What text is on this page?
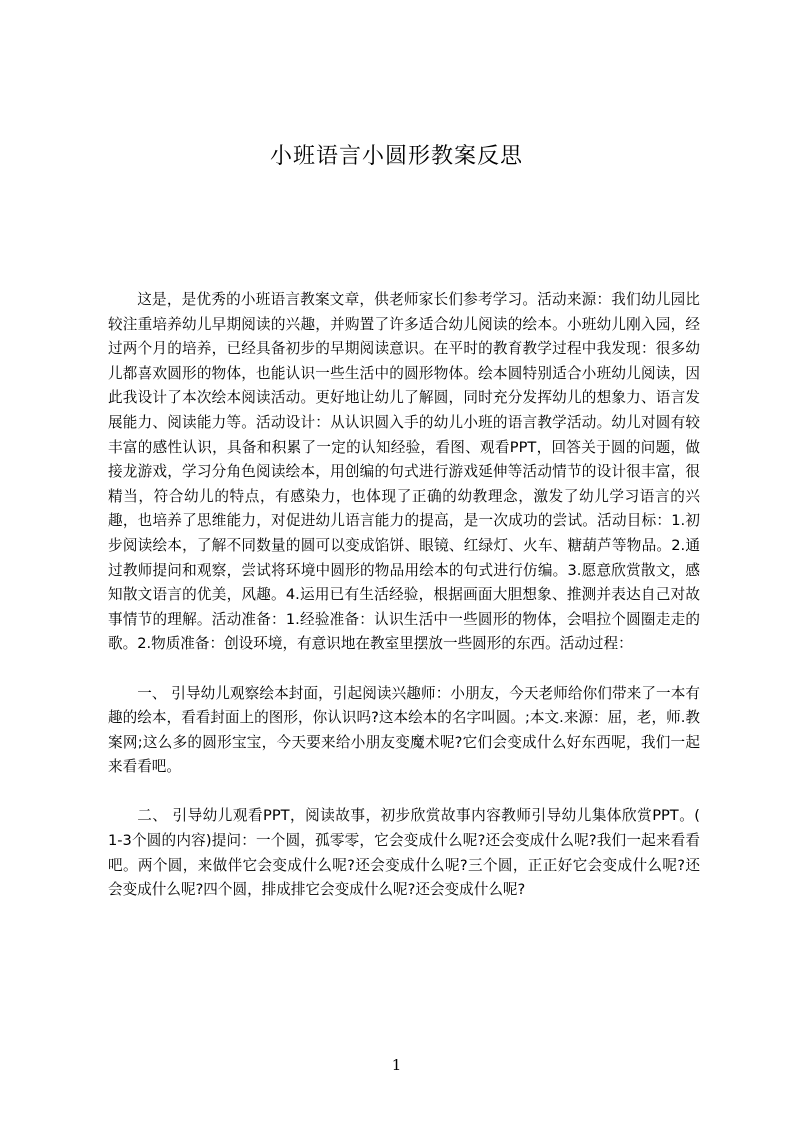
小班语言小圆形教案反思

这是，是优秀的小班语言教案文章，供老师家长们参考学习。活动来源：我们幼儿园比较注重培养幼儿早期阅读的兴趣，并购置了许多适合幼儿阅读的绘本。小班幼儿刚入园，经过两个月的培养，已经具备初步的早期阅读意识。在平时的教育教学过程中我发现：很多幼儿都喜欢圆形的物体，也能认识一些生活中的圆形物体。绘本圆特别适合小班幼儿阅读，因此我设计了本次绘本阅读活动。更好地让幼儿了解圆，同时充分发挥幼儿的想象力、语言发展能力、阅读能力等。活动设计：从认识圆入手的幼儿小班的语言教学活动。幼儿对圆有较丰富的感性认识，具备和积累了一定的认知经验，看图、观看PPT，回答关于圆的问题，做接龙游戏，学习分角色阅读绘本，用创编的句式进行游戏延伸等活动情节的设计很丰富，很精当，符合幼儿的特点，有感染力，也体现了正确的幼教理念，激发了幼儿学习语言的兴趣，也培养了思维能力，对促进幼儿语言能力的提高，是一次成功的尝试。活动目标：1.初步阅读绘本，了解不同数量的圆可以变成馅饼、眼镜、红绿灯、火车、糖葫芦等物品。2.通过教师提问和观察，尝试将环境中圆形的物品用绘本的句式进行仿编。3.愿意欣赏散文，感知散文语言的优美，风趣。4.运用已有生活经验，根据画面大胆想象、推测并表达自己对故事情节的理解。活动准备：1.经验准备：认识生活中一些圆形的物体，会唱拉个圆圈走走的歌。2.物质准备：创设环境，有意识地在教室里摆放一些圆形的东西。活动过程：

一、 引导幼儿观察绘本封面，引起阅读兴趣师：小朋友，今天老师给你们带来了一本有趣的绘本，看看封面上的图形，你认识吗?这本绘本的名字叫圆。;本文.来源：屈，老，师.教案网;这么多的圆形宝宝，今天要来给小朋友变魔术呢?它们会变成什么好东西呢，我们一起来看看吧。

二、 引导幼儿观看PPT，阅读故事，初步欣赏故事内容教师引导幼儿集体欣赏PPT。( 1-3个圆的内容)提问：一个圆，孤零零，它会变成什么呢?还会变成什么呢?我们一起来看看吧。两个圆，来做伴它会变成什么呢?还会变成什么呢?三个圆，正正好它会变成什么呢?还会变成什么呢?四个圆，排成排它会变成什么呢?还会变成什么呢?

1
